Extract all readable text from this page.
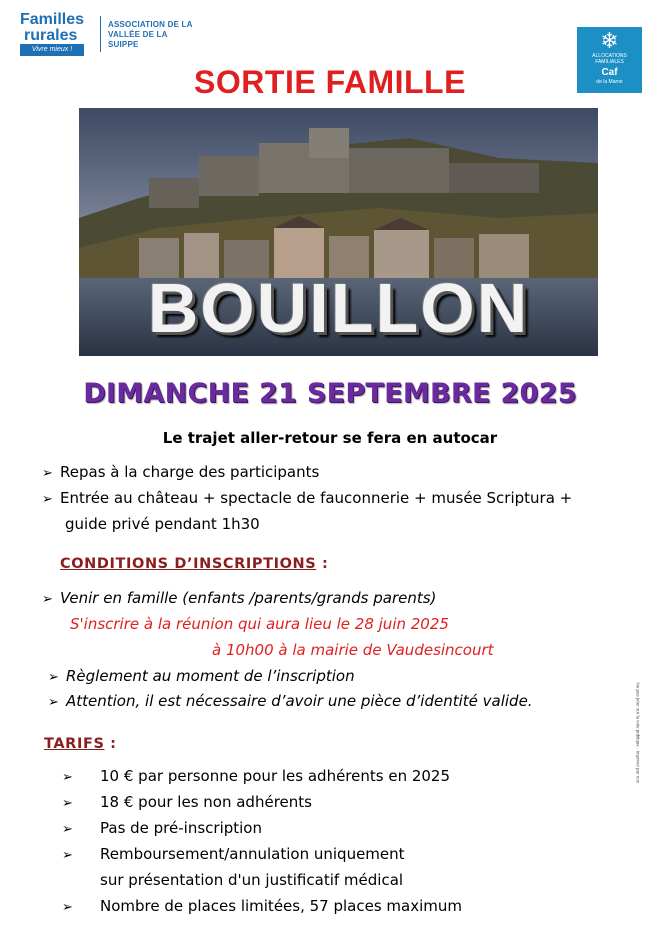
Familles
rurales
Vivre mieux !
ASSOCIATION DE LA
VALLÉE DE LA SUIPPE	❄
ALLOCATIONS
FAMILIALES
Caf
de la Marne
SORTIE FAMILLE
BOUILLON
DIMANCHE 21 SEPTEMBRE 2025
Le trajet aller-retour se fera en autocar
➢ Repas à la charge des participants
➢ Entrée au château + spectacle de fauconnerie + musée Scriptura +
guide privé pendant 1h30
CONDITIONS D’INSCRIPTIONS :
➢ Venir en famille (enfants /parents/grands parents)
S'inscrire à la réunion qui aura lieu le 28 juin 2025
à 10h00 à la mairie de Vaudesincourt
➢ Règlement au moment de l’inscription
➢ Attention, il est nécessaire d’avoir une pièce d’identité valide.
TARIFS :
➢ 10 € par personne pour les adhérents en 2025
➢ 18 € pour les non adhérents
➢ Pas de pré-inscription
➢ Remboursement/annulation uniquement
sur présentation d'un justificatif médical
➢ Nombre de places limitées, 57 places maximum
Ne pas jeter sur la voie publique - imprimé par nos
